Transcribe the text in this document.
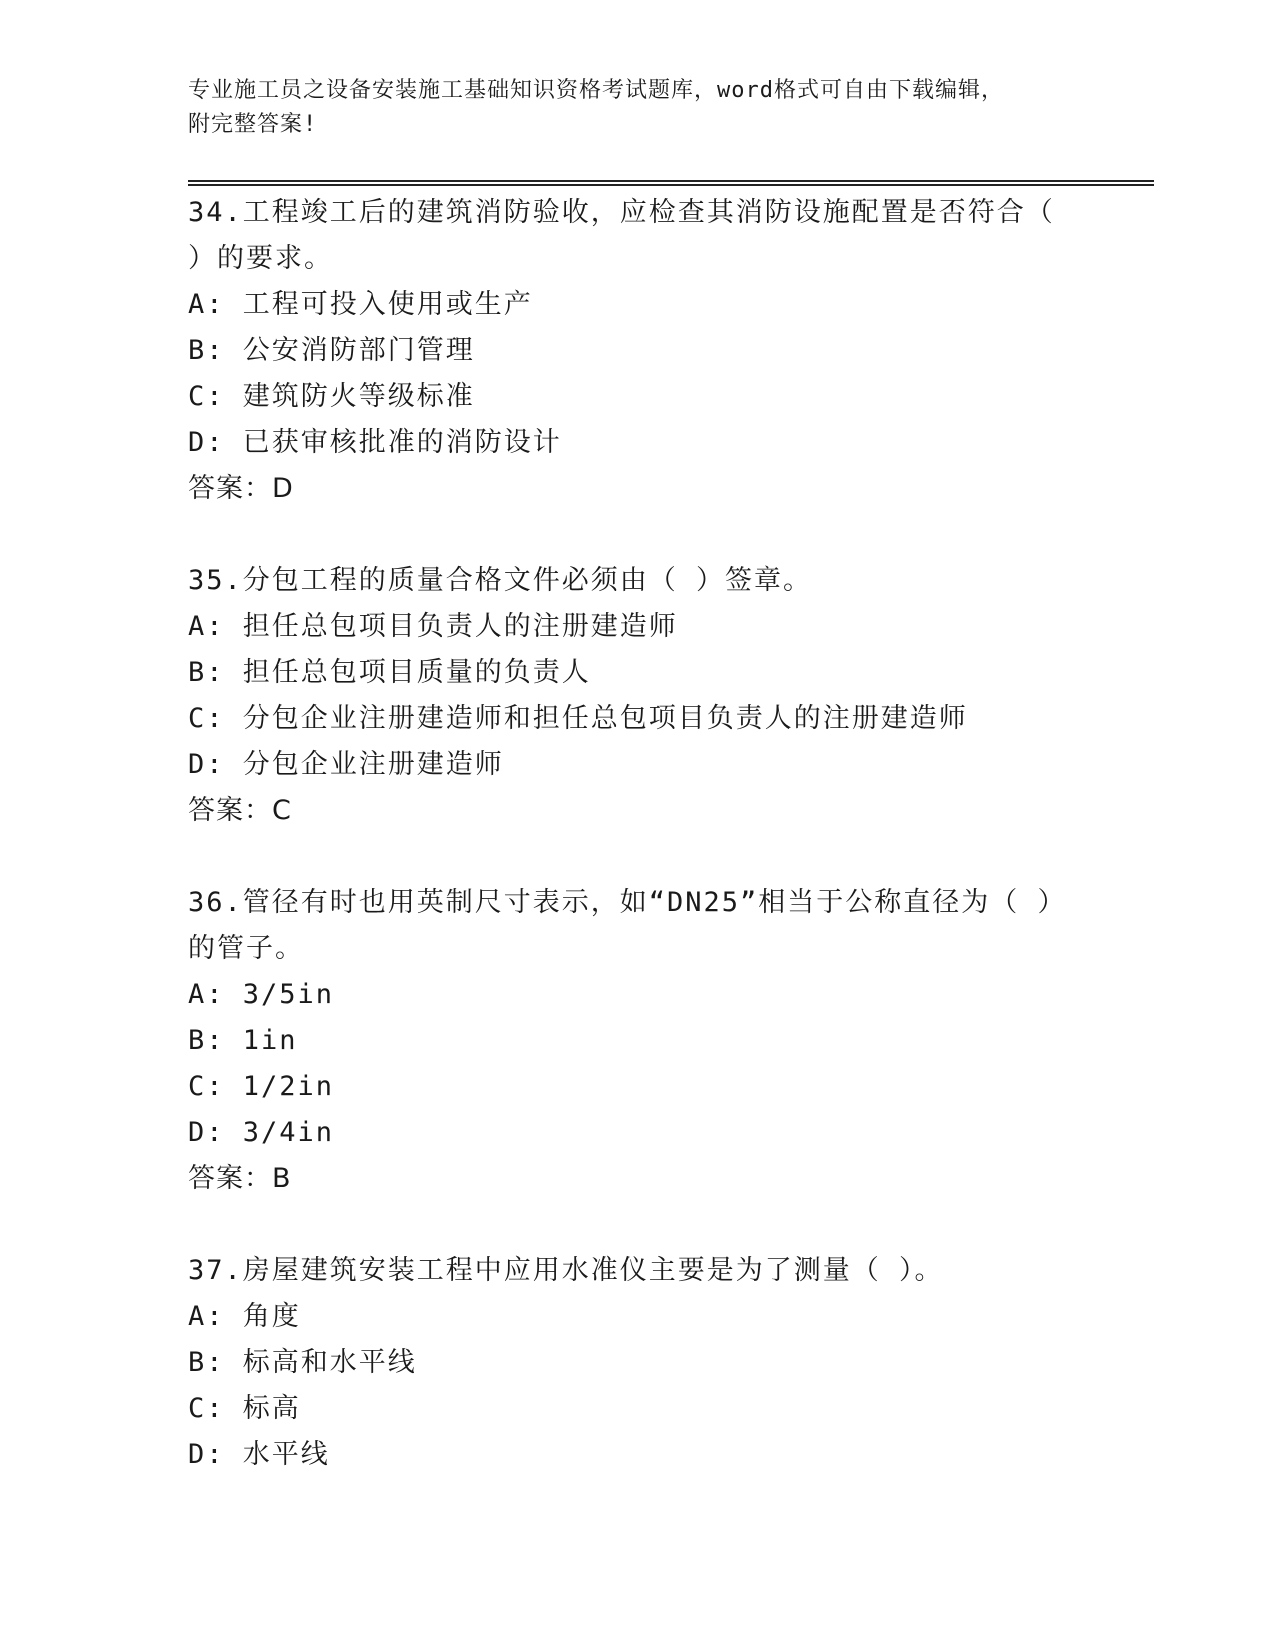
专业施工员之设备安装施工基础知识资格考试题库，word格式可自由下载编辑，
附完整答案!

34.工程竣工后的建筑消防验收，应检查其消防设施配置是否符合（
）的要求。

A: 工程可投入使用或生产

B: 公安消防部门管理

C: 建筑防火等级标准

D: 已获审核批准的消防设计

答案：D

35.分包工程的质量合格文件必须由（ ）签章。

A: 担任总包项目负责人的注册建造师

B: 担任总包项目质量的负责人

C: 分包企业注册建造师和担任总包项目负责人的注册建造师

D: 分包企业注册建造师

答案：C

36.管径有时也用英制尺寸表示，如“DN25”相当于公称直径为（ ）
的管子。

A: 3/5in

B: 1in

C: 1/2in

D: 3/4in

答案：B

37.房屋建筑安装工程中应用水准仪主要是为了测量（ ）。

A: 角度

B: 标高和水平线

C: 标高

D: 水平线
